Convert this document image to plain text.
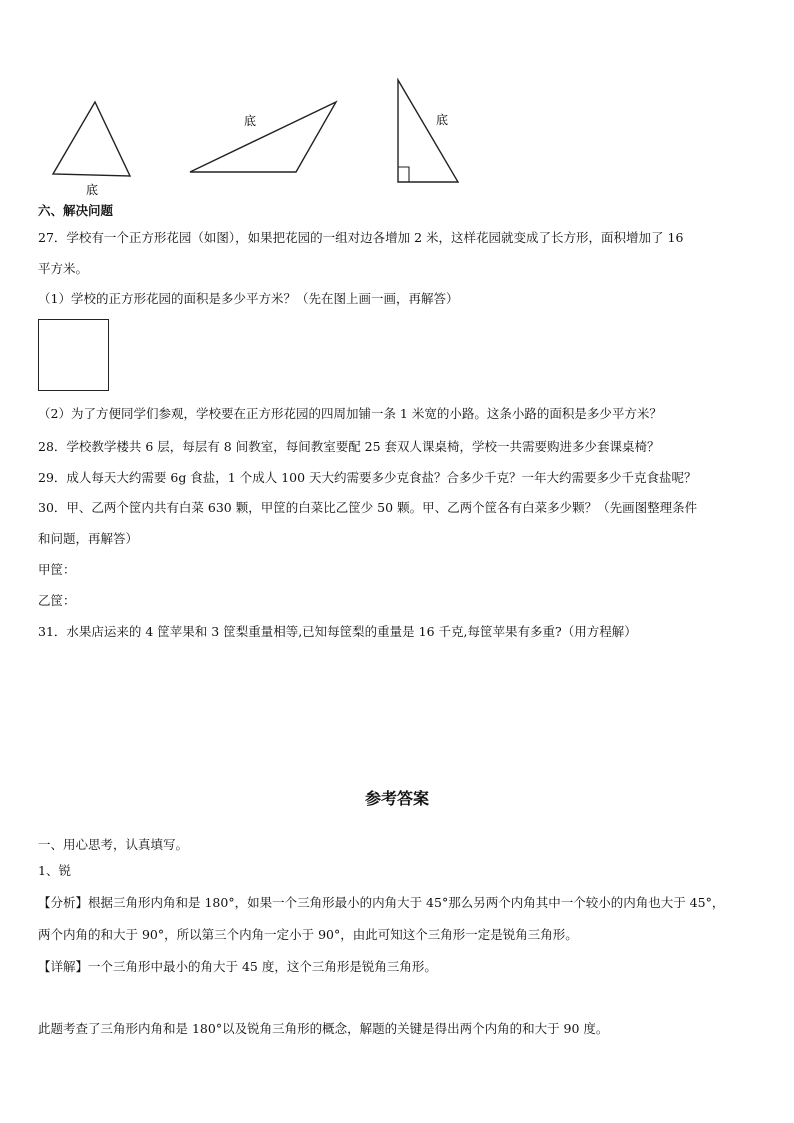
底
底	底
六、解决问题
27．学校有一个正方形花园（如图），如果把花园的一组对边各增加 2 米，这样花园就变成了长方形，面积增加了 16
平方米。
（1）学校的正方形花园的面积是多少平方米？（先在图上画一画，再解答）
（2）为了方便同学们参观，学校要在正方形花园的四周加铺一条 1 米宽的小路。这条小路的面积是多少平方米？
28．学校教学楼共 6 层，每层有 8 间教室，每间教室要配 25 套双人课桌椅，学校一共需要购进多少套课桌椅？
29．成人每天大约需要 6g 食盐，1 个成人 100 天大约需要多少克食盐？合多少千克？一年大约需要多少千克食盐呢？
30．甲、乙两个筐内共有白菜 630 颗，甲筐的白菜比乙筐少 50 颗。甲、乙两个筐各有白菜多少颗？（先画图整理条件
和问题，再解答）
甲筐：
乙筐：
31．水果店运来的 4 筐苹果和 3 筐梨重量相等,已知每筐梨的重量是 16 千克,每筐苹果有多重?（用方程解）
参考答案
一、用心思考，认真填写。
1、锐
【分析】根据三角形内角和是 180°，如果一个三角形最小的内角大于 45°那么另两个内角其中一个较小的内角也大于 45°，
两个内角的和大于 90°，所以第三个内角一定小于 90°，由此可知这个三角形一定是锐角三角形。
【详解】一个三角形中最小的角大于 45 度，这个三角形是锐角三角形。
此题考查了三角形内角和是 180°以及锐角三角形的概念，解题的关键是得出两个内角的和大于 90 度。
